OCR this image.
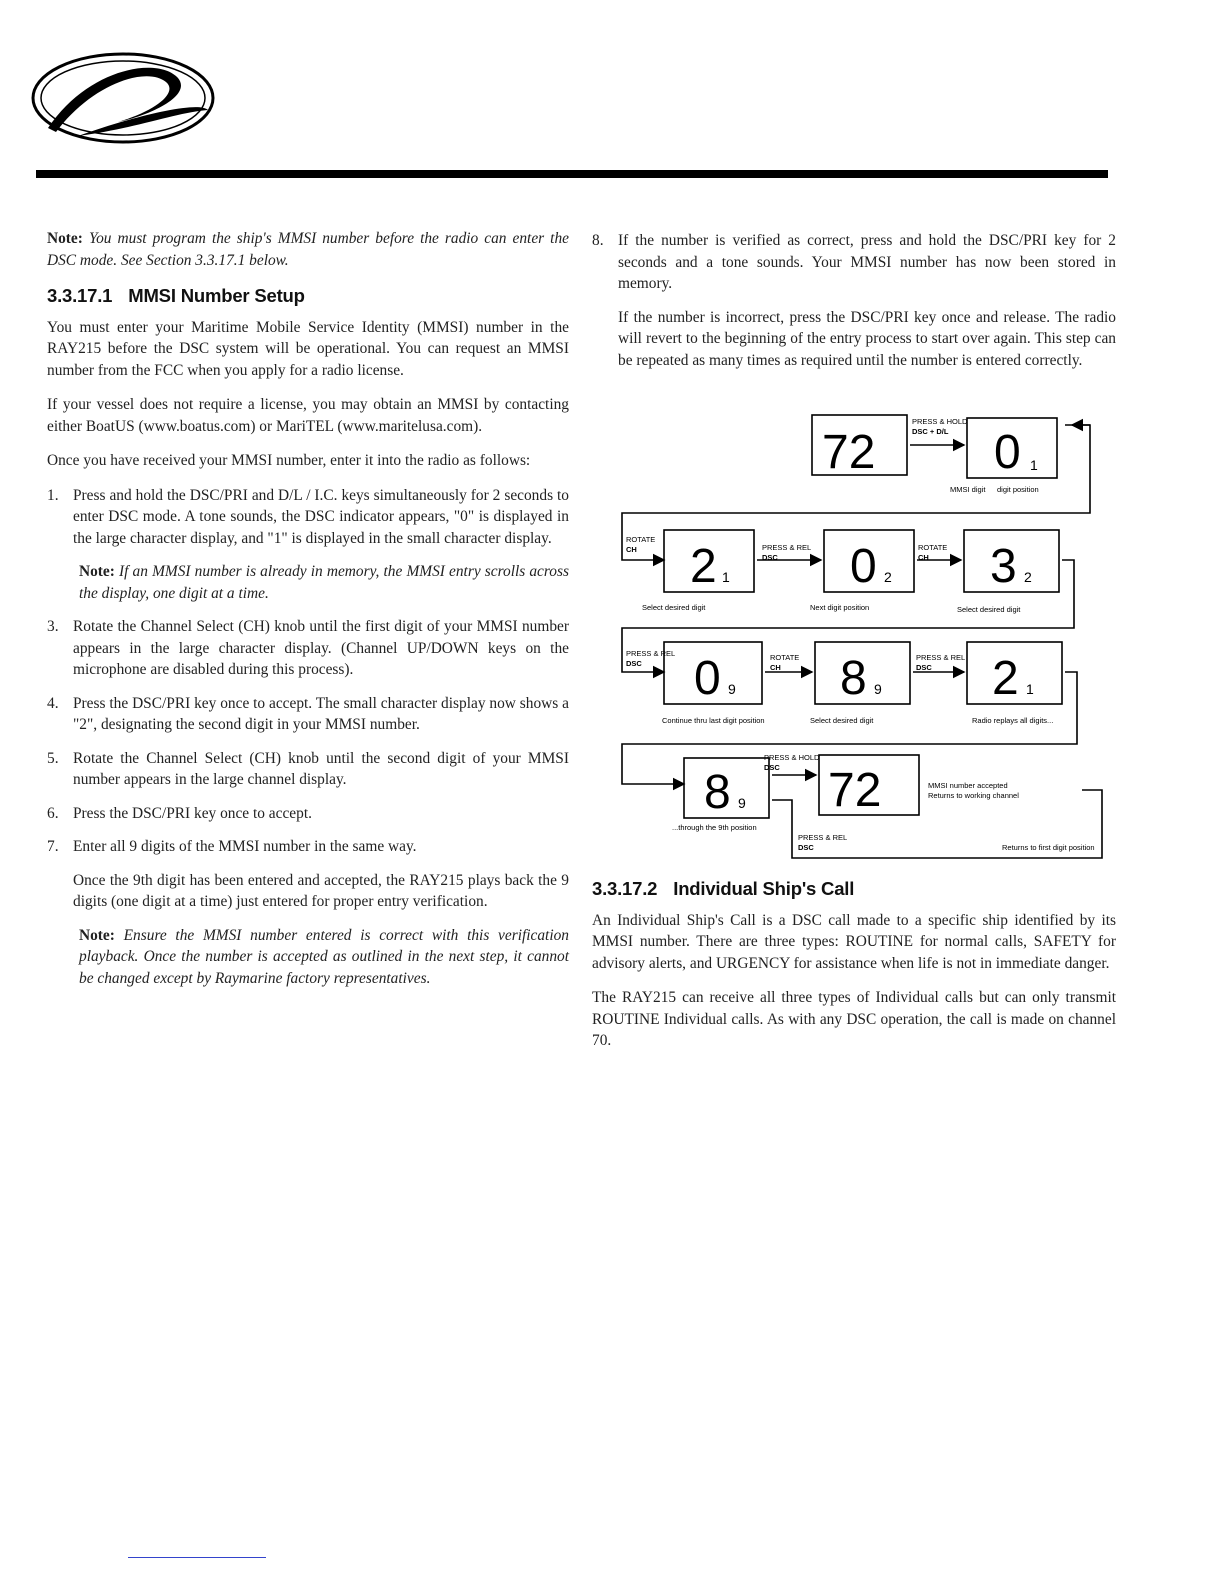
Note: You must program the ship's MMSI number before the radio can enter the DSC mode. See Section 3.3.17.1 below.

3.3.17.1 MMSI Number Setup

You must enter your Maritime Mobile Service Identity (MMSI) number in the RAY215 before the DSC system will be operational. You can request an MMSI number from the FCC when you apply for a radio license.

If your vessel does not require a license, you may obtain an MMSI by contacting either BoatUS (www.boatus.com) or MariTEL (www.maritelusa.com).

Once you have received your MMSI number, enter it into the radio as follows:

1. Press and hold the DSC/PRI and D/L / I.C. keys simultaneously for 2 seconds to enter DSC mode. A tone sounds, the DSC indicator appears, "0" is displayed in the large character display, and "1" is displayed in the small character display.
Note: If an MMSI number is already in memory, the MMSI entry scrolls across the display, one digit at a time.
3. Rotate the Channel Select (CH) knob until the first digit of your MMSI number appears in the large character display. (Channel UP/DOWN keys on the microphone are disabled during this process).
4. Press the DSC/PRI key once to accept. The small character display now shows a "2", designating the second digit in your MMSI number.
5. Rotate the Channel Select (CH) knob until the second digit of your MMSI number appears in the large channel display.
6. Press the DSC/PRI key once to accept.
7. Enter all 9 digits of the MMSI number in the same way.
Once the 9th digit has been entered and accepted, the RAY215 plays back the 9 digits (one digit at a time) just entered for proper entry verification.
Note: Ensure the MMSI number entered is correct with this verification playback. Once the number is accepted as outlined in the next step, it cannot be changed except by Raymarine factory representatives.
8. If the number is verified as correct, press and hold the DSC/PRI key for 2 seconds and a tone sounds. Your MMSI number has now been stored in memory.
If the number is incorrect, press the DSC/PRI key once and release. The radio will revert to the beginning of the entry process to start over again. This step can be repeated as many times as required until the number is entered correctly.
72 0 1
2 1	0 2 3 2
0 9 8 9 2 1
8 9 72
PRESS & HOLD
DSC + D/L
MMSI digit digit position
ROTATE
CH	PRESS & REL
DSC
ROTATE
CH
Select desired digit	Next digit position	Select desired digit
PRESS & REL
DSC
ROTATE
CH
PRESS & REL
DSC
Continue thru last digit position	Select desired digit	Radio replays all digits...
PRESS & HOLD
DSC
MMSI number accepted
Returns to working channel
...through the 9th position
PRESS & REL
DSC	Returns to first digit position
3.3.17.2 Individual Ship's Call

An Individual Ship's Call is a DSC call made to a specific ship identified by its MMSI number. There are three types: ROUTINE for normal calls, SAFETY for advisory alerts, and URGENCY for assistance when life is not in immediate danger.

The RAY215 can receive all three types of Individual calls but can only transmit ROUTINE Individual calls. As with any DSC operation, the call is made on channel 70.
